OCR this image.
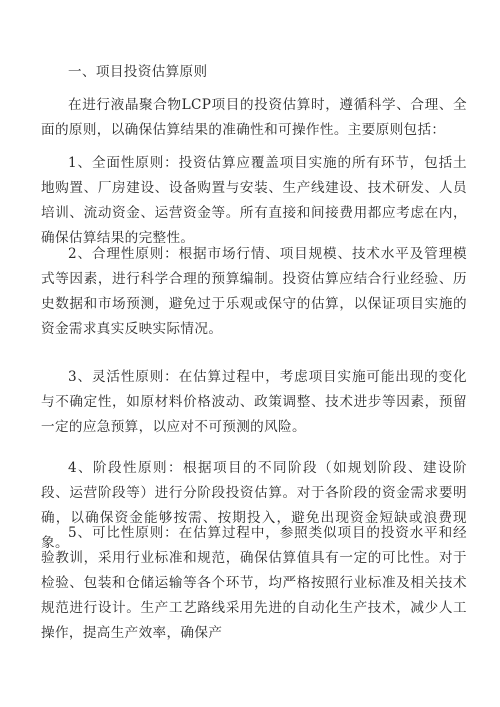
一、项目投资估算原则

在进行液晶聚合物LCP项目的投资估算时，遵循科学、合理、全面的原则，以确保估算结果的准确性和可操作性。主要原则包括：

1、全面性原则：投资估算应覆盖项目实施的所有环节，包括土地购置、厂房建设、设备购置与安装、生产线建设、技术研发、人员培训、流动资金、运营资金等。所有直接和间接费用都应考虑在内，确保估算结果的完整性。

2、合理性原则：根据市场行情、项目规模、技术水平及管理模式等因素，进行科学合理的预算编制。投资估算应结合行业经验、历史数据和市场预测，避免过于乐观或保守的估算，以保证项目实施的资金需求真实反映实际情况。

3、灵活性原则：在估算过程中，考虑项目实施可能出现的变化与不确定性，如原材料价格波动、政策调整、技术进步等因素，预留一定的应急预算，以应对不可预测的风险。

4、阶段性原则：根据项目的不同阶段（如规划阶段、建设阶段、运营阶段等）进行分阶段投资估算。对于各阶段的资金需求要明确，以确保资金能够按需、按期投入，避免出现资金短缺或浪费现象。

5、可比性原则：在估算过程中，参照类似项目的投资水平和经验教训，采用行业标准和规范，确保估算值具有一定的可比性。对于检验、包装和仓储运输等各个环节，均严格按照行业标准及相关技术规范进行设计。生产工艺路线采用先进的自动化生产技术，减少人工操作，提高生产效率，确保产
